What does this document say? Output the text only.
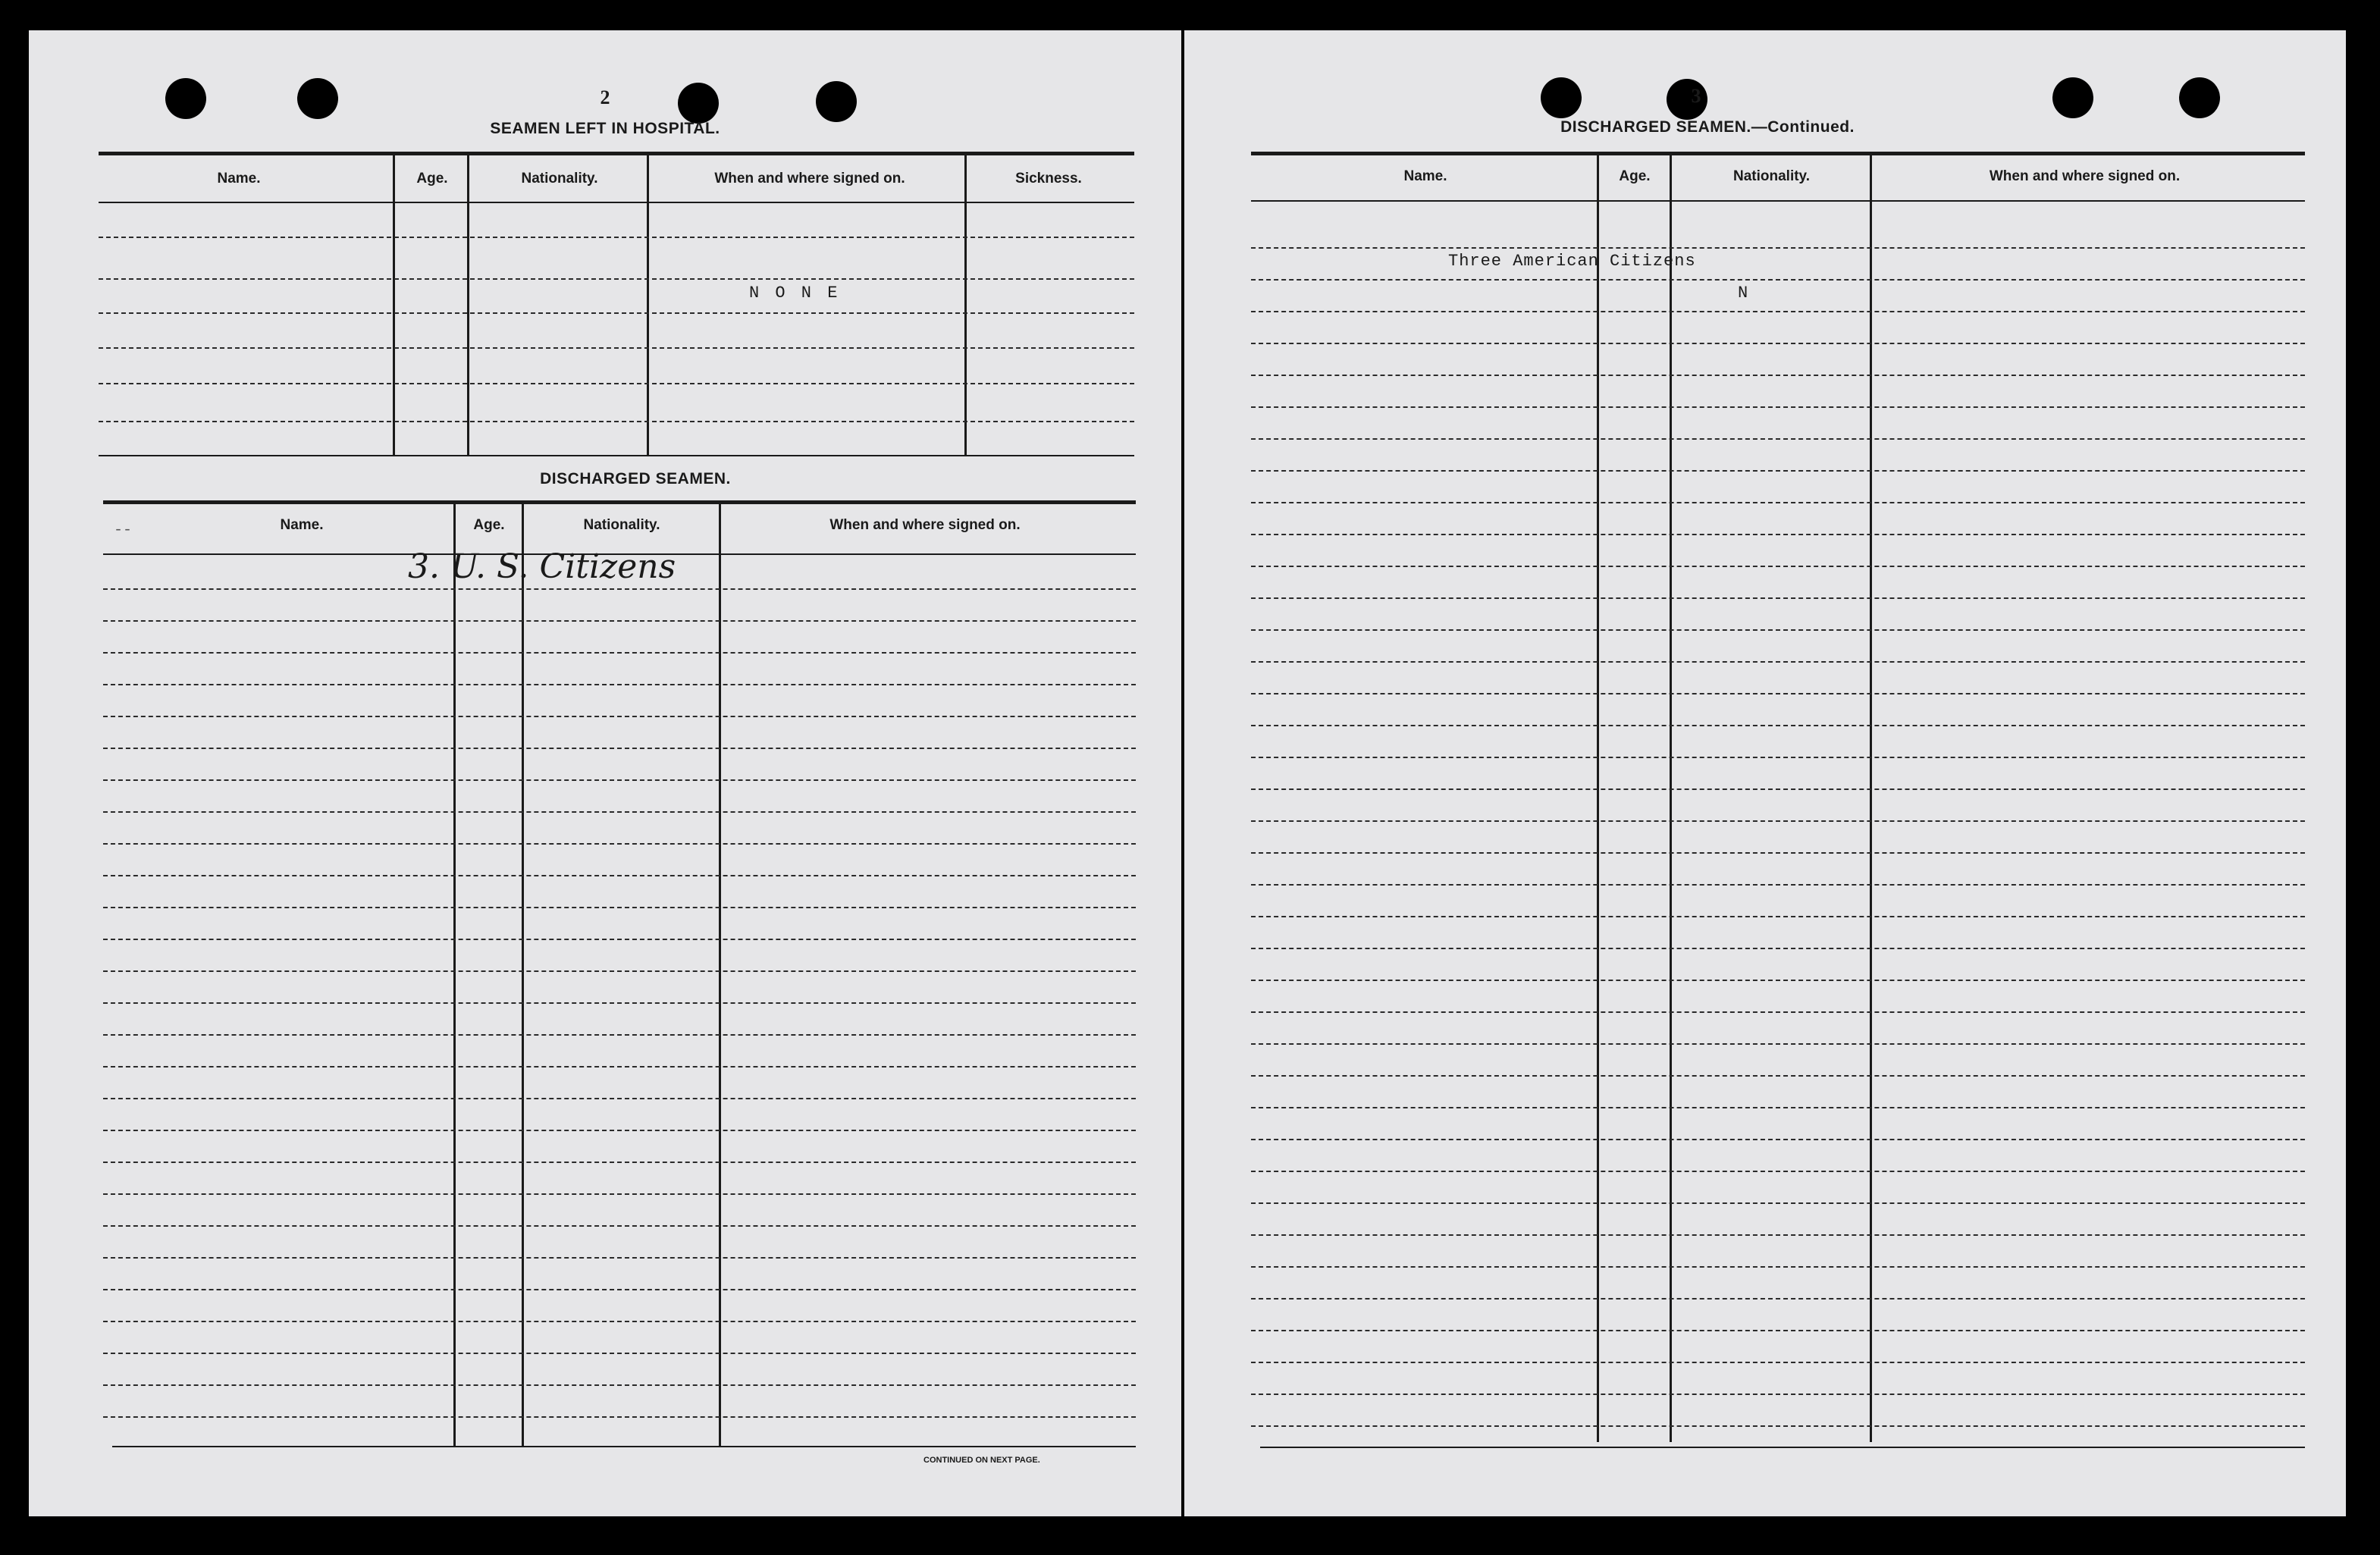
2
SEAMEN LEFT IN HOSPITAL.
Name.	Age.	Nationality.	When and where signed on.	Sickness.
N O N E
DISCHARGED SEAMEN.
--	Name.	Age.	Nationality.	When and where signed on.
3. U. S. Citizens
CONTINUED ON NEXT PAGE.
3
DISCHARGED SEAMEN.—Continued.
Name.	Age.	Nationality.	When and where signed on.
Three American Citizens
N
